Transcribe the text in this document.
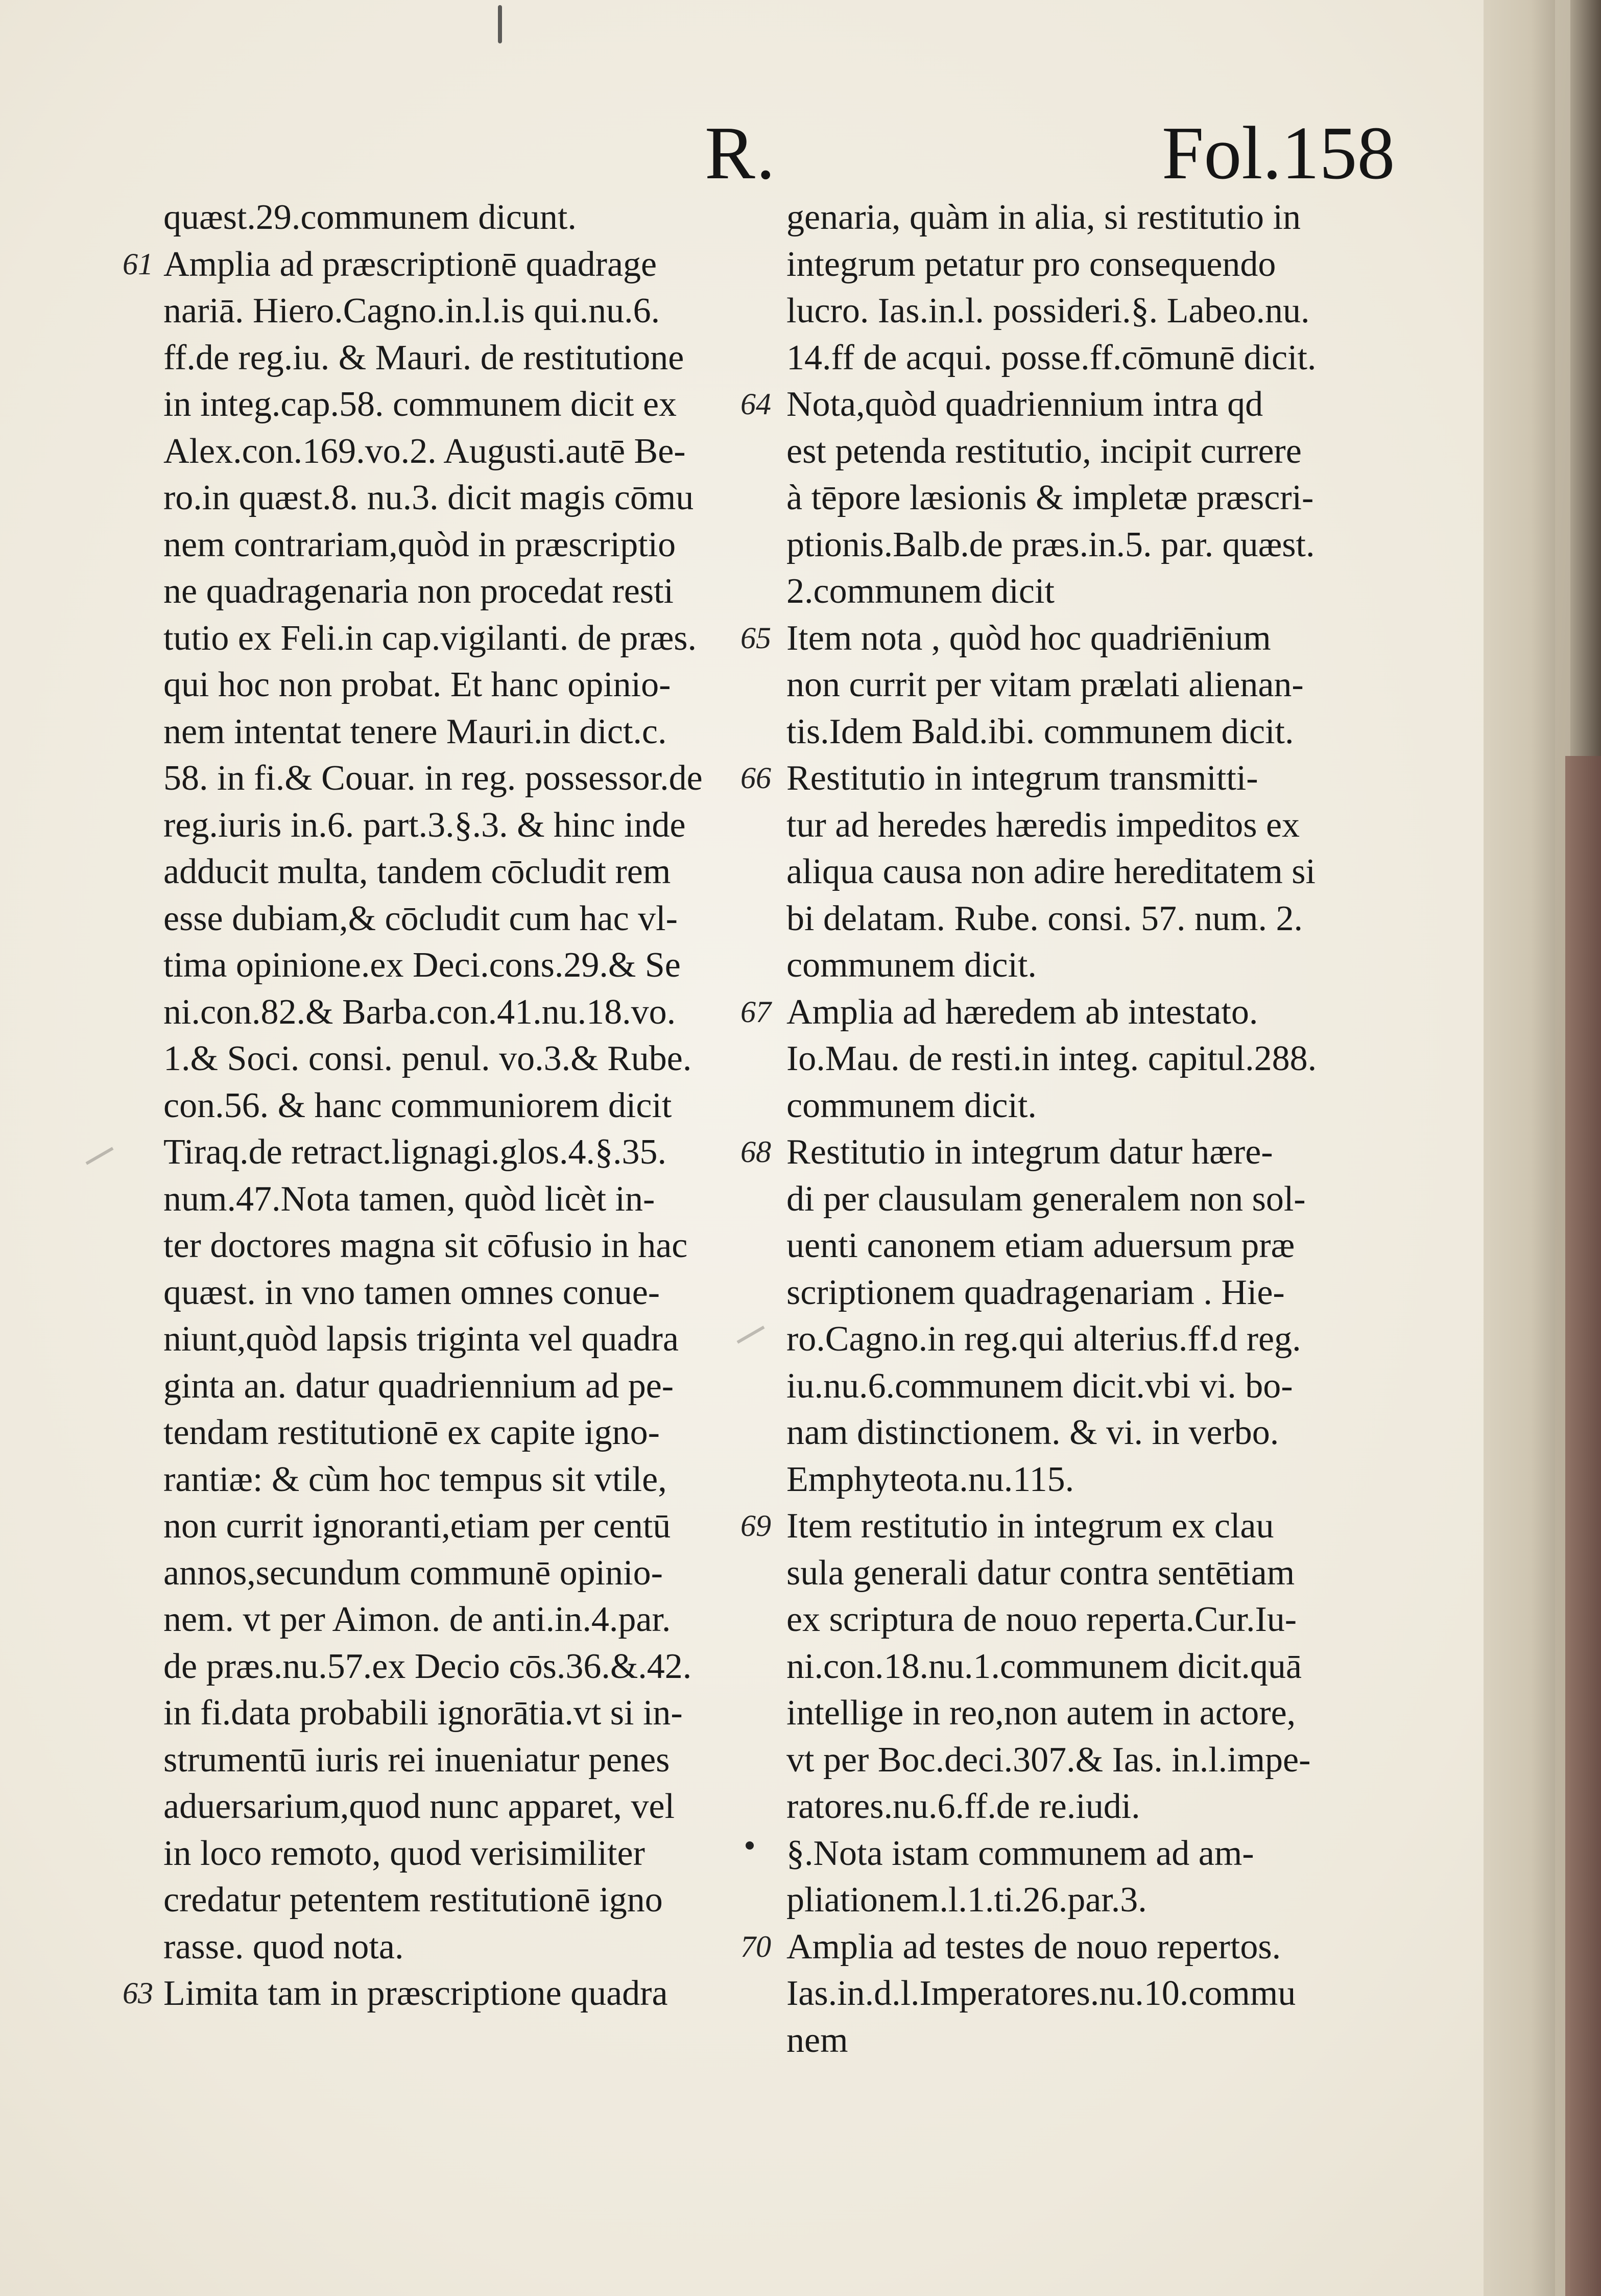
R.	Fol.158
quæst.29.communem dicunt.
61 Amplia ad præscriptionē quadrage
nariā. Hiero.Cagno.in.l.is qui.nu.6.
ff.de reg.iu. & Mauri. de restitutione
in integ.cap.58. communem dicit ex
Alex.con.169.vo.2. Augusti.autē Be-
ro.in quæst.8. nu.3. dicit magis cōmu
nem contrariam,quòd in præscriptio
ne quadragenaria non procedat resti
tutio ex Feli.in cap.vigilanti. de præs.
qui hoc non probat. Et hanc opinio-
nem intentat tenere Mauri.in dict.c.
58. in fi.& Couar. in reg. possessor.de
reg.iuris in.6. part.3.§.3. & hinc inde
adducit multa, tandem cōcludit rem
esse dubiam,& cōcludit cum hac vl-
tima opinione.ex Deci.cons.29.& Se
ni.con.82.& Barba.con.41.nu.18.vo.
1.& Soci. consi. penul. vo.3.& Rube.
con.56. & hanc communiorem dicit
Tiraq.de retract.lignagi.glos.4.§.35.
num.47.Nota tamen, quòd licèt in-
ter doctores magna sit cōfusio in hac
quæst. in vno tamen omnes conue-
niunt,quòd lapsis triginta vel quadra
ginta an. datur quadriennium ad pe-
tendam restitutionē ex capite igno-
rantiæ: & cùm hoc tempus sit vtile,
non currit ignoranti,etiam per centū
annos,secundum communē opinio-
nem. vt per Aimon. de anti.in.4.par.
de præs.nu.57.ex Decio cōs.36.&.42.
in fi.data probabili ignorātia.vt si in-
strumentū iuris rei inueniatur penes
aduersarium,quod nunc apparet, vel
in loco remoto, quod verisimiliter
credatur petentem restitutionē igno
rasse. quod nota.
63 Limita tam in præscriptione quadra
genaria, quàm in alia, si restitutio in
integrum petatur pro consequendo
lucro. Ias.in.l. possideri.§. Labeo.nu.
14.ff de acqui. posse.ff.cōmunē dicit.
64 Nota,quòd quadriennium intra qd
est petenda restitutio, incipit currere
à tēpore læsionis & impletæ præscri-
ptionis.Balb.de præs.in.5. par. quæst.
2.communem dicit
65 Item nota , quòd hoc quadriēnium
non currit per vitam prælati alienan-
tis.Idem Bald.ibi. communem dicit.
66 Restitutio in integrum transmitti-
tur ad heredes hæredis impeditos ex
aliqua causa non adire hereditatem si
bi delatam. Rube. consi. 57. num. 2.
communem dicit.
67 Amplia ad hæredem ab intestato.
Io.Mau. de resti.in integ. capitul.288.
communem dicit.
68 Restitutio in integrum datur hære-
di per clausulam generalem non sol-
uenti canonem etiam aduersum præ
scriptionem quadragenariam . Hie-
ro.Cagno.in reg.qui alterius.ff.d reg.
iu.nu.6.communem dicit.vbi vi. bo-
nam distinctionem. & vi. in verbo.
Emphyteota.nu.115.
69 Item restitutio in integrum ex clau
sula generali datur contra sentētiam
ex scriptura de nouo reperta.Cur.Iu-
ni.con.18.nu.1.communem dicit.quā
intellige in reo,non autem in actore,
vt per Boc.deci.307.& Ias. in.l.impe-
ratores.nu.6.ff.de re.iudi.
§.Nota istam communem ad am-
pliationem.l.1.ti.26.par.3.
70 Amplia ad testes de nouo repertos.
Ias.in.d.l.Imperatores.nu.10.commu
nem
